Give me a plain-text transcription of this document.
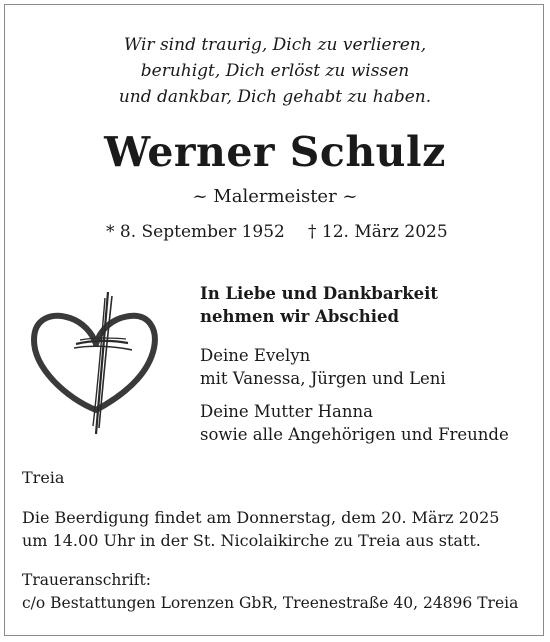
Wir sind traurig, Dich zu verlieren,
beruhigt, Dich erlöst zu wissen
und dankbar, Dich gehabt zu haben.
Werner Schulz
~ Malermeister ~
* 8. September 1952 † 12. März 2025
In Liebe und Dankbarkeit
nehmen wir Abschied
Deine Evelyn
mit Vanessa, Jürgen und Leni
Deine Mutter Hanna
sowie alle Angehörigen und Freunde
Treia
Die Beerdigung findet am Donnerstag, dem 20. März 2025
um 14.00 Uhr in der St. Nicolaikirche zu Treia aus statt.
Traueranschrift:
c/o Bestattungen Lorenzen GbR, Treenestraße 40, 24896 Treia
